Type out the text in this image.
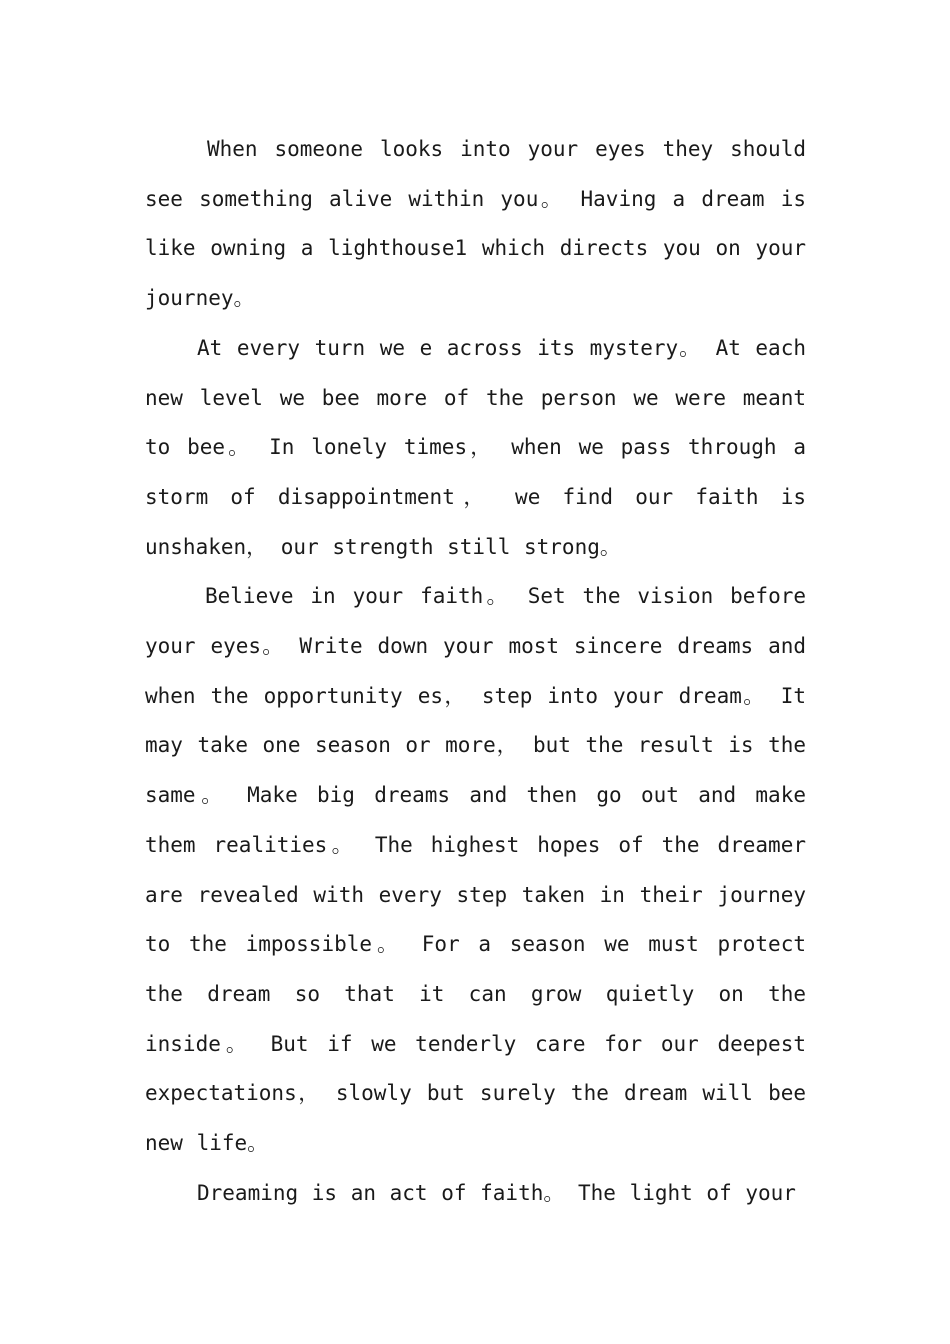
When someone looks into your eyes they should see something alive within you。 Having a dream is like owning a lighthouse1 which directs you on your journey。

At every turn we e across its mystery。 At each new level we bee more of the person we were meant to bee。 In lonely times， when we pass through a storm of disappointment， we find our faith is unshaken， our strength still strong。

Believe in your faith。 Set the vision before your eyes。 Write down your most sincere dreams and when the opportunity es， step into your dream。 It may take one season or more， but the result is the same。 Make big dreams and then go out and make them realities。 The highest hopes of the dreamer are revealed with every step taken in their journey to the impossible。 For a season we must protect the dream so that it can grow quietly on the inside。 But if we tenderly care for our deepest expectations， slowly but surely the dream will bee new life。

Dreaming is an act of faith。 The light of your
